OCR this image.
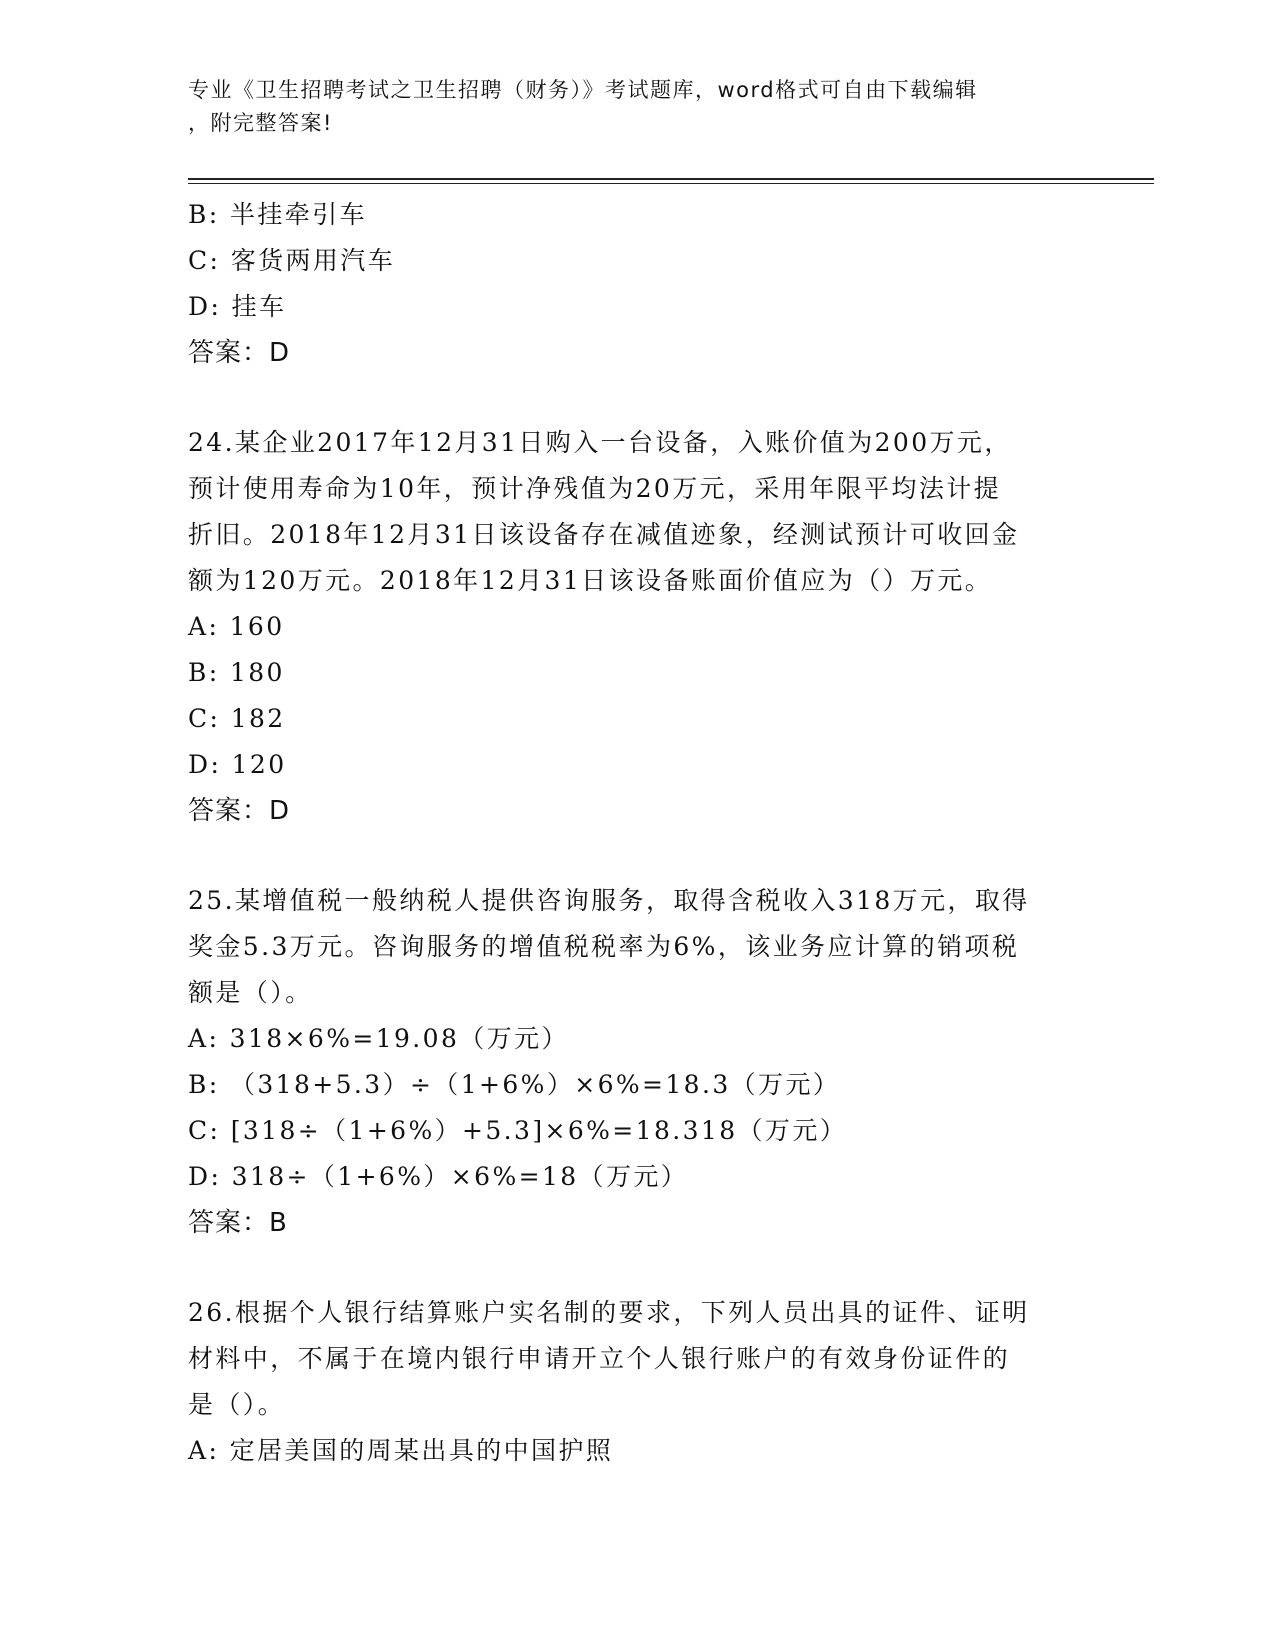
专业《卫生招聘考试之卫生招聘（财务）》考试题库，word格式可自由下载编辑
，附完整答案!
B: 半挂牵引车
C: 客货两用汽车
D: 挂车
答案：D
24.某企业2017年12月31日购入一台设备，入账价值为200万元，
预计使用寿命为10年，预计净残值为20万元，采用年限平均法计提
折旧。2018年12月31日该设备存在减值迹象，经测试预计可收回金
额为120万元。2018年12月31日该设备账面价值应为（）万元。
A: 160
B: 180
C: 182
D: 120
答案：D
25.某增值税一般纳税人提供咨询服务，取得含税收入318万元，取得
奖金5.3万元。咨询服务的增值税税率为6%，该业务应计算的销项税
额是（）。
A: 318×6%=19.08（万元）
B: （318+5.3）÷（1+6%）×6%=18.3（万元）
C: [318÷（1+6%）+5.3]×6%=18.318（万元）
D: 318÷（1+6%）×6%=18（万元）
答案：B
26.根据个人银行结算账户实名制的要求，下列人员出具的证件、证明
材料中，不属于在境内银行申请开立个人银行账户的有效身份证件的
是（）。
A: 定居美国的周某出具的中国护照
